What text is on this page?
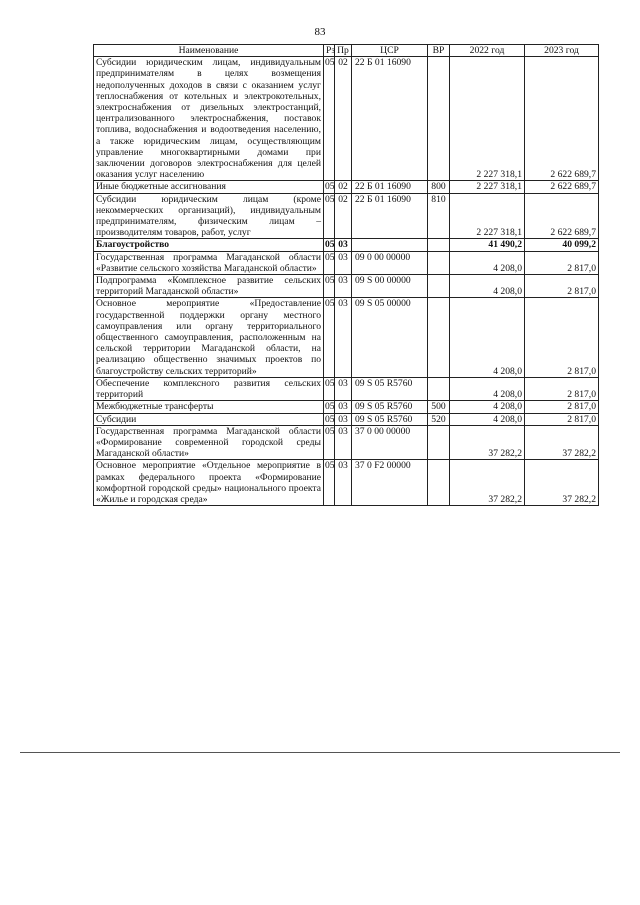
83
Наименование	Рз	Пр	ЦСР	ВР	2022 год	2023 год
Субсидии юридическим лицам, индивидуальным предпринимателям в целях возмещения недополученных доходов в связи с оказанием услуг теплоснабжения от котельных и электрокотельных, электроснабжения от дизельных электростанций, централизованного электроснабжения, поставок топлива, водоснабжения и водоотведения населению, а также юридическим лицам, осуществляющим управление многоквартирными домами при заключении договоров электроснабжения для целей оказания услуг населению	05	02	22 Б 01 16090		2 227 318,1	2 622 689,7
Иные бюджетные ассигнования	05	02	22 Б 01 16090	800	2 227 318,1	2 622 689,7
Субсидии юридическим лицам (кроме некоммерческих организаций), индивидуальным предпринимателям, физическим лицам – производителям товаров, работ, услуг	05	02	22 Б 01 16090	810	2 227 318,1	2 622 689,7
Благоустройство	05	03			41 490,2	40 099,2
Государственная программа Магаданской области «Развитие сельского хозяйства Магаданской области»	05	03	09 0 00 00000		4 208,0	2 817,0
Подпрограмма «Комплексное развитие сельских территорий Магаданской области»	05	03	09 S 00 00000		4 208,0	2 817,0
Основное мероприятие «Предоставление государственной поддержки органу местного самоуправления или органу территориального общественного самоуправления, расположенным на сельской территории Магаданской области, на реализацию общественно значимых проектов по благоустройству сельских территорий»	05	03	09 S 05 00000		4 208,0	2 817,0
Обеспечение комплексного развития сельских территорий	05	03	09 S 05 R5760		4 208,0	2 817,0
Межбюджетные трансферты	05	03	09 S 05 R5760	500	4 208,0	2 817,0
Субсидии	05	03	09 S 05 R5760	520	4 208,0	2 817,0
Государственная программа Магаданской области «Формирование современной городской среды Магаданской области»	05	03	37 0 00 00000		37 282,2	37 282,2
Основное мероприятие «Отдельное мероприятие в рамках федерального проекта «Формирование комфортной городской среды» национального проекта «Жилье и городская среда»	05	03	37 0 F2 00000		37 282,2	37 282,2
